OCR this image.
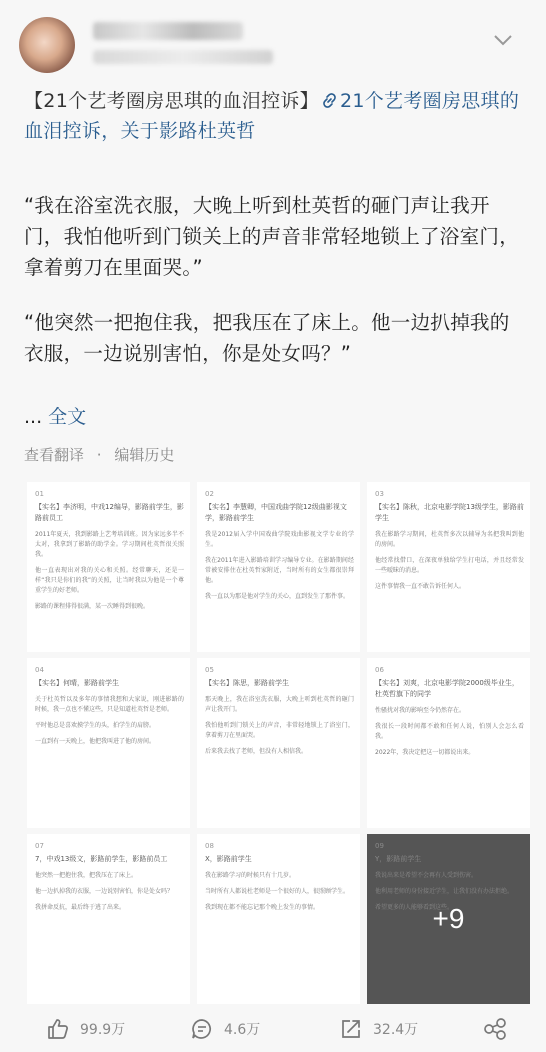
【21个艺考圈房思琪的血泪控诉】 21个艺考圈房思琪的血泪控诉，关于影路杜英哲
“我在浴室洗衣服，大晚上听到杜英哲的砸门声让我开门，我怕他听到门锁关上的声音非常轻地锁上了浴室门，拿着剪刀在里面哭。”
“他突然一把抱住我，把我压在了床上。他一边扒掉我的衣服，一边说别害怕，你是处女吗？”
... 全文
查看翻译 · 编辑历史
01
【实名】李济明，中戏12编导，影路前学生，影路前员工
2011年夏天，我到影路上艺考培训班。因为家远多半不太对，我拿到了影路的助学金。学习期间杜英哲很关照我。
他一直表现出对我的关心和关照。经常聊天，还是一样“我只是你们的我”的关照，让当时我以为他是一个尊重学生的好老师。
影路的课程排得很满，某一次睡得到很晚。
02
【实名】李慧卿，中国戏曲学院12级曲影视文学，影路前学生
我是2012届入学中国戏曲学院戏曲影视文学专业的学生。
我在2011年进入影路培训学习编导专业。在影路期间经常被安排住在杜英哲家附近，当时所有的女生都很崇拜他。
我一直以为那是他对学生的关心，直到发生了那件事。
03
【实名】陈秋，北京电影学院13级学生，影路前学生
我在影路学习期间，杜英哲多次以辅导为名把我叫到他的房间。
他经常找借口，在深夜单独给学生打电话，并且经常发一些暧昧的消息。
这件事情我一直不敢告诉任何人。
04
【实名】何晴，影路前学生
关于杜英哲以及多年的事情我想和大家说，刚进影路的时候，我一点也不懂这些，只是知道杜英哲是老师。
平时他总是喜欢摸学生的头，拍学生的肩膀。
一直到有一天晚上，他把我叫进了他的房间。
05
【实名】陈思，影路前学生
那天晚上，我在浴室洗衣服，大晚上听到杜英哲的砸门声让我开门。
我怕他听到门锁关上的声音，非常轻地锁上了浴室门，拿着剪刀在里面哭。
后来我去找了老师，但没有人相信我。
06
【实名】刘爽，北京电影学院2000级毕业生，杜英哲旗下的同学
性骚扰对我的影响至今仍然存在。
我很长一段时间都不敢和任何人说，怕别人会怎么看我。
2022年，我决定把这一切都说出来。
07
7，中戏13级文，影路前学生，影路前员工
他突然一把抱住我，把我压在了床上。
他一边扒掉我的衣服，一边说别害怕，你是处女吗？
我拼命反抗，最后终于逃了出来。
08
X，影路前学生
我在影路学习的时候只有十几岁。
当时所有人都说杜老师是一个很好的人，很照顾学生。
我到现在都不能忘记那个晚上发生的事情。
09
Y，影路前学生
我说出来是希望不会再有人受到伤害。
他利用老师的身份接近学生，让我们没有办法拒绝。
希望更多的人能够看到这些。
+9
99.9万	4.6万	32.4万
